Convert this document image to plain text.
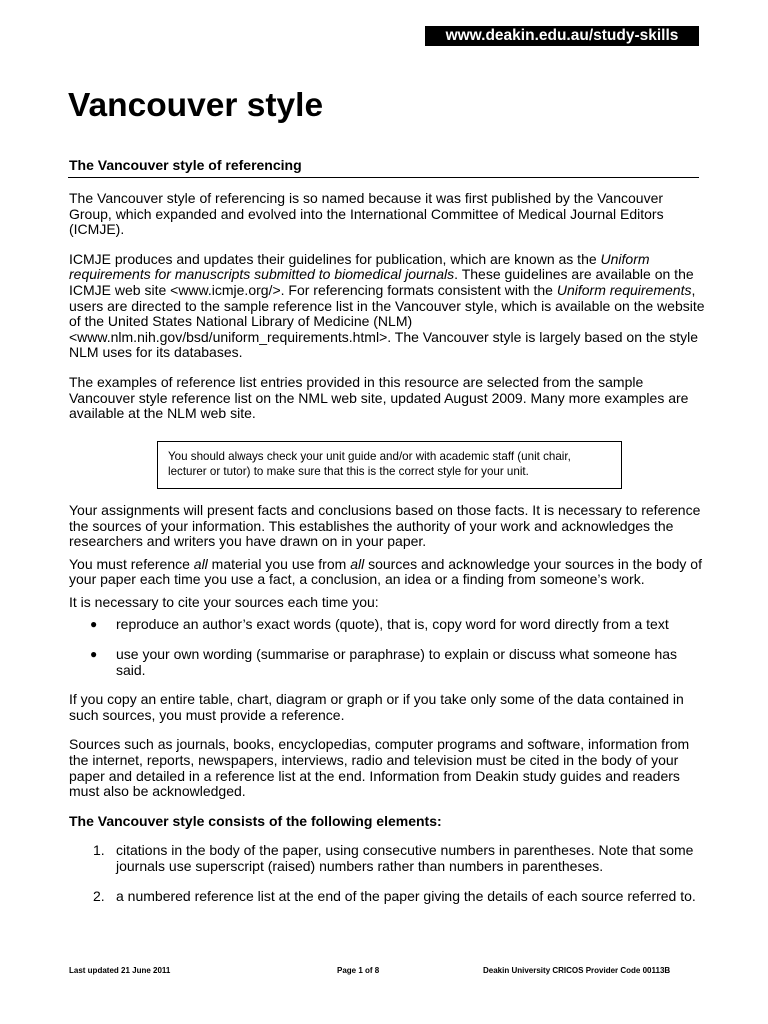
www.deakin.edu.au/study-skills
Vancouver style
The Vancouver style of referencing

The Vancouver style of referencing is so named because it was first published by the Vancouver Group, which expanded and evolved into the International Committee of Medical Journal Editors (ICMJE).

ICMJE produces and updates their guidelines for publication, which are known as the Uniform requirements for manuscripts submitted to biomedical journals. These guidelines are available on the ICMJE web site <www.icmje.org/>. For referencing formats consistent with the Uniform requirements, users are directed to the sample reference list in the Vancouver style, which is available on the website of the United States National Library of Medicine (NLM) <www.nlm.nih.gov/bsd/uniform_requirements.html>. The Vancouver style is largely based on the style NLM uses for its databases.

The examples of reference list entries provided in this resource are selected from the sample Vancouver style reference list on the NML web site, updated August 2009. Many more examples are available at the NLM web site.

You should always check your unit guide and/or with academic staff (unit chair, lecturer or tutor) to make sure that this is the correct style for your unit.

Your assignments will present facts and conclusions based on those facts. It is necessary to reference the sources of your information. This establishes the authority of your work and acknowledges the researchers and writers you have drawn on in your paper.

You must reference all material you use from all sources and acknowledge your sources in the body of your paper each time you use a fact, a conclusion, an idea or a finding from someone’s work.

It is necessary to cite your sources each time you:

● reproduce an author’s exact words (quote), that is, copy word for word directly from a text
● use your own wording (summarise or paraphrase) to explain or discuss what someone has said.

If you copy an entire table, chart, diagram or graph or if you take only some of the data contained in such sources, you must provide a reference.

Sources such as journals, books, encyclopedias, computer programs and software, information from the internet, reports, newspapers, interviews, radio and television must be cited in the body of your paper and detailed in a reference list at the end. Information from Deakin study guides and readers must also be acknowledged.

The Vancouver style consists of the following elements:

1. citations in the body of the paper, using consecutive numbers in parentheses. Note that some journals use superscript (raised) numbers rather than numbers in parentheses.
2. a numbered reference list at the end of the paper giving the details of each source referred to.
Last updated 21 June 2011	Page 1 of 8	Deakin University CRICOS Provider Code 00113B
